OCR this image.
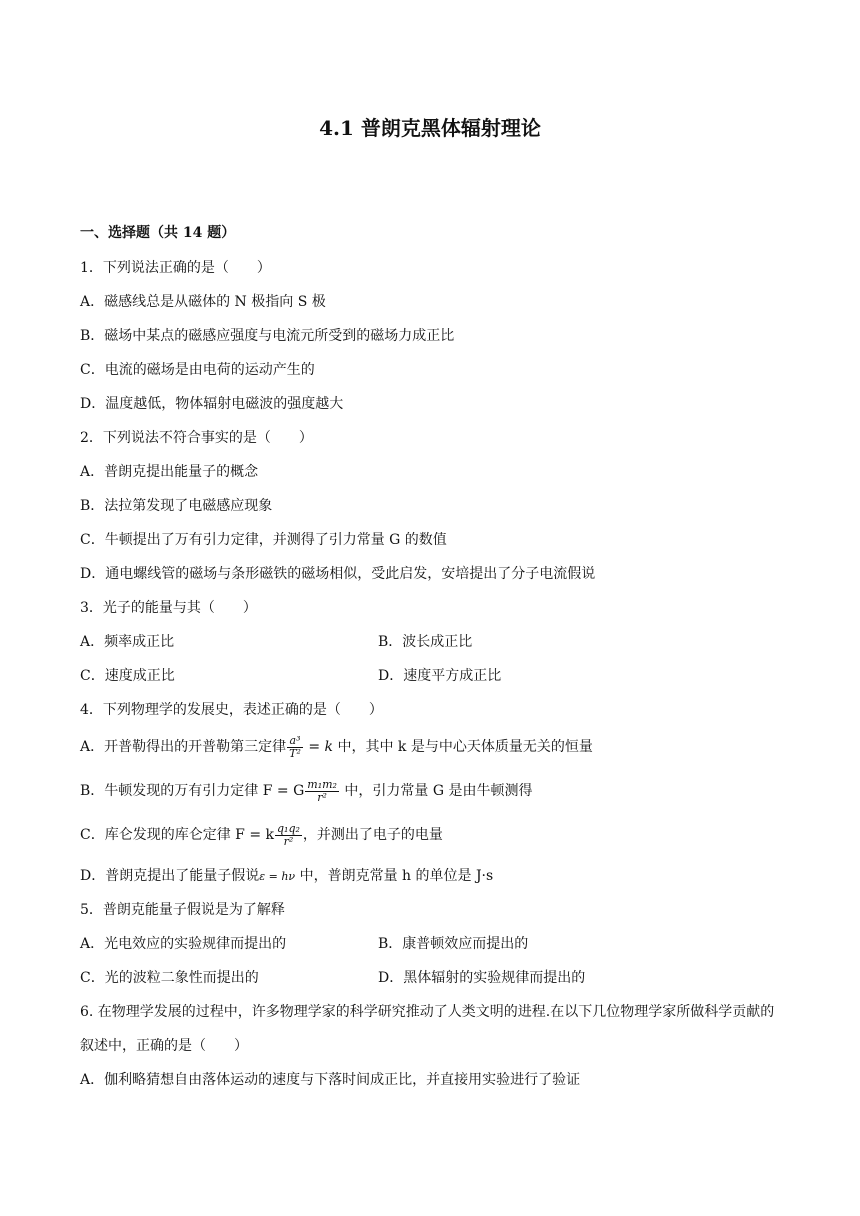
4.1 普朗克黑体辐射理论
一、选择题（共 14 题）
1．下列说法正确的是（　　）
A．磁感线总是从磁体的 N 极指向 S 极
B．磁场中某点的磁感应强度与电流元所受到的磁场力成正比
C．电流的磁场是由电荷的运动产生的
D．温度越低，物体辐射电磁波的强度越大
2．下列说法不符合事实的是（　　）
A．普朗克提出能量子的概念
B．法拉第发现了电磁感应现象
C．牛顿提出了万有引力定律，并测得了引力常量 G 的数值
D．通电螺线管的磁场与条形磁铁的磁场相似，受此启发，安培提出了分子电流假说
3．光子的能量与其（　　）
A．频率成正比	B．波长成正比
C．速度成正比	D．速度平方成正比
4．下列物理学的发展史，表述正确的是（　　）
A．开普勒得出的开普勒第三定律 $\frac{\text{a³}}{\text{T²}} = k$ 中，其中 k 是与中心天体质量无关的恒量
B．牛顿发现的万有引力定律 F = G $\frac{\text{m₁m₂}}{\text{r²}}$ 中，引力常量 G 是由牛顿测得
C．库仑发现的库仑定律 F = k $\frac{\text{q₁q₂}}{\text{r²}}$ ，并测出了电子的电量
D．普朗克提出了能量子假说ε = hν 中，普朗克常量 h 的单位是 J·s
5．普朗克能量子假说是为了解释
A．光电效应的实验规律而提出的	B．康普顿效应而提出的
C．光的波粒二象性而提出的	D．黑体辐射的实验规律而提出的
6. 在物理学发展的过程中，许多物理学家的科学研究推动了人类文明的进程.在以下几位物理学家所做科学贡献的叙述中，正确的是（　　）
A．伽利略猜想自由落体运动的速度与下落时间成正比，并直接用实验进行了验证
